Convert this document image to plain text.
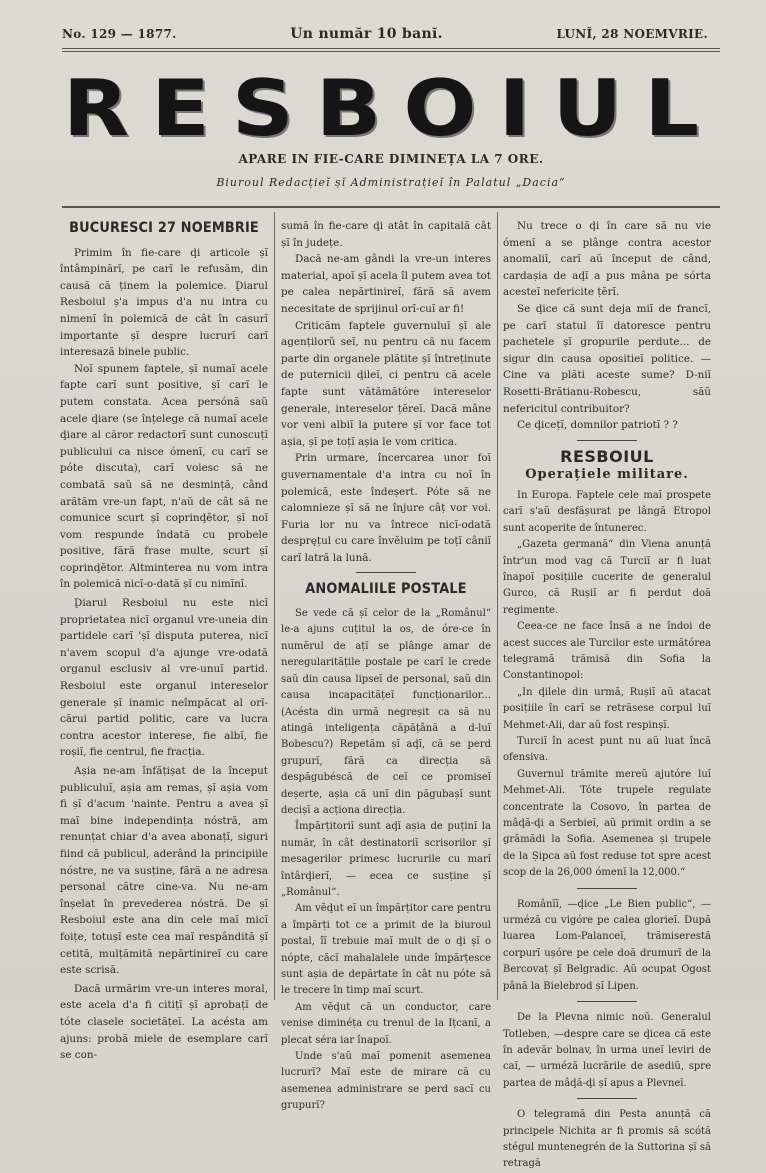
No. 129 — 1877.	Un număr 10 banĭ.	LUNĬ, 28 NOEMVRIE.
RESBOIUL
APARE IN FIE-CARE DIMINEȚA LA 7 ORE.
Biuroul Redacțieĭ șĭ Administrațieĭ în Palatul „Dacia“
BUCURESCI 27 NOEMBRIE

Primim în fie-care ḑi articole șĭ întâmpinărĭ, pe carĭ le refusăm, din causă că ținem la polemice. Ḑiarul Resboiul ș'a impus d'a nu intra cu nimenĭ în polemică de cât în casurĭ importante șĭ despre lucrurĭ carĭ interesază binele public.

Noĭ spunem faptele, șĭ numaĭ acele fapte carĭ sunt positive, șĭ carĭ le putem constata. Acea persónă saŭ acele ḑiare (se înțelege că numaĭ acele ḑiare al căror redactorĭ sunt cunoscuțĭ publicului ca nisce ómenĭ, cu carĭ se póte discuta), carĭ voiesc să ne combată saŭ să ne desmință, când arătăm vre-un fapt, n'aŭ de cât să ne comunice scurt șĭ coprinḑĕtor, șĭ noĭ vom respunde îndată cu probele positive, fără frase multe, scurt șĭ coprinḑĕtor. Altminterea nu vom intra în polemică nicĭ-o-dată șĭ cu nimĭnĭ.

Ḑiarul Resboiul nu este nicĭ proprietatea nicĭ organul vre-uneia din partidele carĭ 'șĭ disputa puterea, nicĭ n'avem scopul d'a ajunge vre-odată organul esclusiv al vre-unuĭ partid. Resboiul este organul intereselor generale șĭ inamic neîmpăcat al orĭ-cărui partid politic, care va lucra contra acestor interese, fie albĭ, fie roșiĭ, fie centrul, fie fracția.

Așia ne-am înfățișat de la început publiculuĭ, așia am remas, șĭ așia vom fi șĭ d'acum 'nainte. Pentru a avea șĭ maĭ bine independința nóstră, am renunțat chiar d'a avea abonațĭ, siguri fiind că publicul, aderând la principiile nóstre, ne va susține, fără a ne adresa personal către cine-va. Nu ne-am înșelat în prevederea nóstră. De șĭ Resboiul este ana din cele maĭ micĭ foițe, totușĭ este cea maĭ respândită șĭ cetită, mulțămită nepărtinireĭ cu care este scrisă.

Dacă urmărim vre-un interes moral, este acela d'a fi citițĭ șĭ aprobațĭ de tóte clasele societățeĭ. La acésta am ajuns: probă miele de esemplare carĭ se con-

sumă în fie-care ḑi atât în capitală cât șĭ în județe.

Dacă ne-am gândi la vre-un interes material, apoĭ șĭ acela îl putem avea tot pe calea nepărtinireĭ, fără să avem necesitate de sprijinul orĭ-cuĭ ar fi!

Criticăm faptele guvernuluĭ șĭ ale agențilorŭ seĭ, nu pentru că nu facem parte din organele plătite șĭ întreținute de puternicii ḑileĭ, ci pentru că acele fapte sunt vătămătóre intereselor generale, intereselor țĕreĭ. Dacă mâne vor veni albiĭ la putere șĭ vor face tot așia, șĭ pe toțĭ așia le vom critica.

Prin urmare, încercarea unor foĭ guvernamentale d'a intra cu noĭ în polemică, este îndeșert. Póte să ne calomnieze șĭ să ne înjure câț vor voi. Furia lor nu va întrece nicĭ-odată despręțul cu care învĕluim pe toțĭ câniĭ carĭ latră la lună.

ANOMALIILE POSTALE

Se vede că șĭ celor de la „Românul“ le-a ajuns cuțitul la os, de óre-ce în numĕrul de ațĭ se plânge amar de neregularitățile postale pe carĭ le crede saŭ din causa lipseĭ de personal, saŭ din causa incapacitățeĭ funcționarilor... (Acésta din urmă negreșit ca să nu atingă inteligența căpățână a d-luĭ Bobescu?) Repetăm șĭ aḑĭ, că se perd grupurĭ, fără ca direcția să despăgubéscă de ceĭ ce promiseĭ deșerte, așia că unĭ din păgubașĭ sunt decișĭ a acționa direcția.

Împărțitoriĭ sunt aḑĭ așia de puținĭ la număr, în cât destinatoriĭ scrisorilor șĭ mesagerilor primesc lucrurile cu marĭ întârḑierĭ, — ecea ce susține șĭ „Românul“.

Am vĕḑut eĭ un împărțitor care pentru a împărți tot ce a primit de la biuroul postal, îĭ trebuie maĭ mult de o ḑi șĭ o nópte, căcĭ mahalalele unde împărțesce sunt așia de depărtate în cât nu póte să le trecere în timp maĭ scurt.

Am vĕḑut că un conductor, care venise diminéța cu trenul de la Ițcanĭ, a plecat séra iar înapoĭ.

Unde s'aŭ maĭ pomenit asemenea lucrurĭ? Maĭ este de mirare că cu asemenea administrare se perd sacĭ cu grupurĭ?

Nu trece o ḑi în care să nu vie ómenĭ a se plânge contra acestor anomaliĭ, carĭ aŭ început de când, cardașia de aḑĭ a pus mâna pe sórta acesteĭ nefericite țĕrĭ.

Se ḑice că sunt deja miĭ de francĭ, pe carĭ statul îĭ datoresce pentru pachetele șĭ gropurile perdute... de sigur din causa opositieĭ politice. —Cine va plăti aceste sume? D-niĭ Rosetti-Brătianu-Robescu, săŭ nefericitul contribuitor?

Ce ḑicețĭ, domnilor patriotĭ ? ?

RESBOIUL
Operațiele militare.

In Europa. Faptele cele maĭ prospete carĭ s'aŭ desfășurat pe lângă Etropol sunt acoperite de întunerec.

„Gazeta germană“ din Viena anunță într'un mod vag că Turciĭ ar fi luat înapoĭ posițiile cucerite de generalul Gurco, că Rușiĭ ar fi perdut doă regimente.

Ceea-ce ne face însă a ne îndoi de acest succes ale Turcilor este următórea telegramă trămisă din Sofia la Constantinopol:

„In ḑilele din urmă, Rușiĭ aŭ atacat posițiile în carĭ se retrăsese corpul luĭ Mehmet-Ali, dar aŭ fost respinșĭ.

Turciĭ în acest punt nu aŭ luat încă ofensiva.

Guvernul trămite mereŭ ajutóre luĭ Mehmet-Ali. Tóte trupele regulate concentrate la Cosovo, în partea de mâḑă-ḑi a Serbieĭ, aŭ primit ordin a se grămădi la Sofia. Asemenea și trupele de la Șipca aŭ fost reduse tot spre acest scop de la 26,000 ómenĭ la 12,000.“

Românĭĭ, —ḑice „Le Bien public“, —urméză cu vigóre pe calea glorieĭ. După luarea Lom-Palanceĭ, trămiserestă corpurĭ ușóre pe cele doă drumurĭ de la Bercovaț șĭ Belgradic. Aŭ ocupat Ogost până la Bielebrod șĭ Lipen.

De la Plevna nimic noŭ. Generalul Totleben, —despre care se ḑicea că este în adevăr bolnav, în urma uneĭ leviri de caĭ, — urméză lucrările de asediŭ, spre partea de mâḑă-ḑi șĭ apus a Plevneĭ.

O telegramă din Pesta anunță că principele Nichita ar fi promis să scótă stégul muntenegrén de la Suttorina șĭ să retragă
